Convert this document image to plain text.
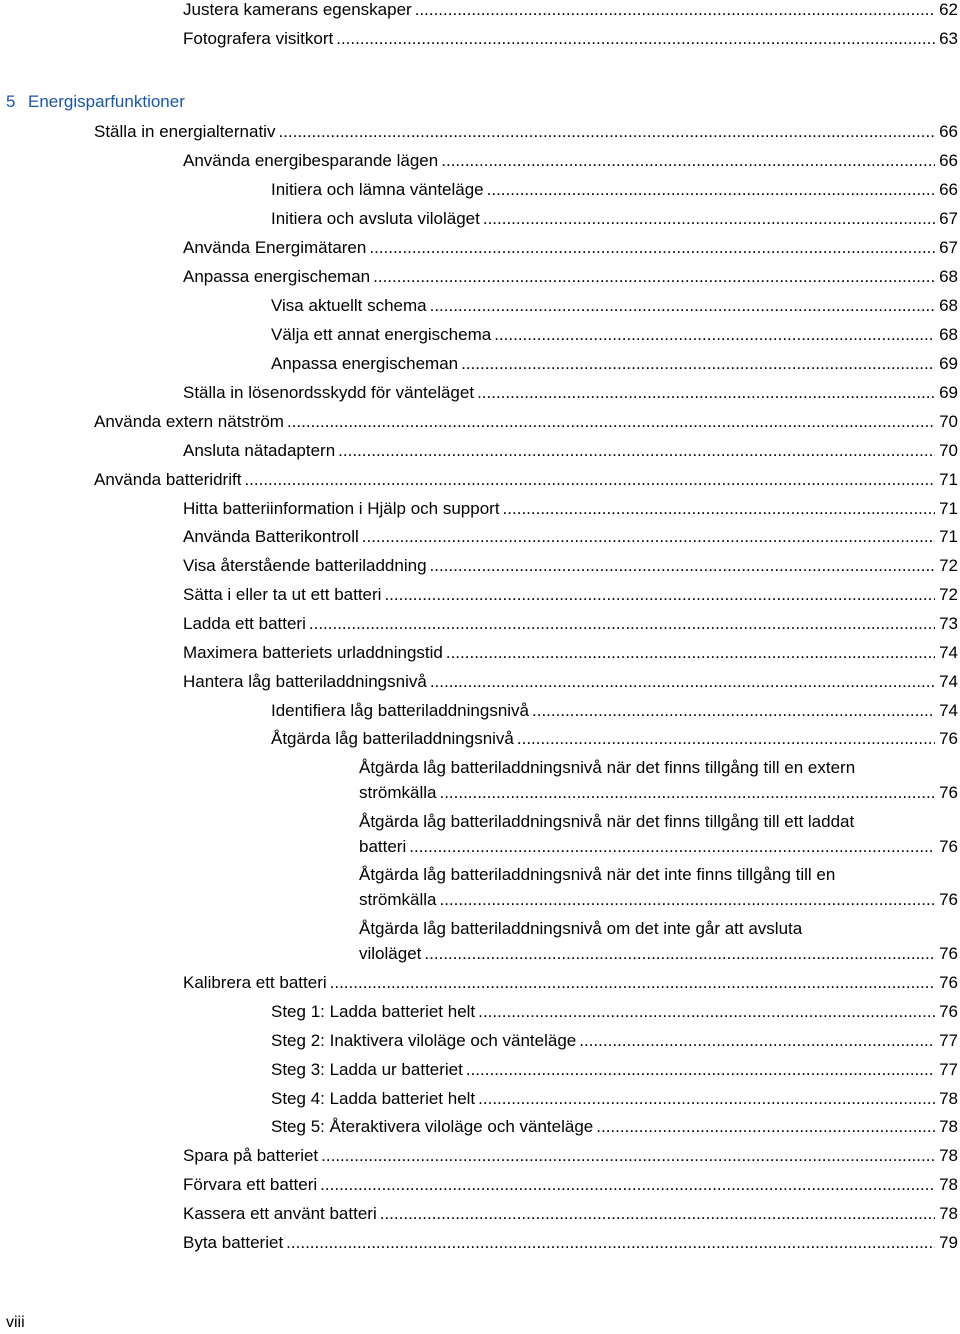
Justera kamerans egenskaper .....	62
Fotografera visitkort .....	63
Ställa in energialternativ .....	66
Använda energibesparande lägen .....	66
Initiera och lämna vänteläge .....	66
Initiera och avsluta viloläget .....	67
Använda Energimätaren .....	67
Anpassa energischeman .....	68
Visa aktuellt schema .....	68
Välja ett annat energischema .....	68
Anpassa energischeman .....	69
Ställa in lösenordsskydd för vänteläget .....	69
Använda extern nätström .....	70
Ansluta nätadaptern .....	70
Använda batteridrift .....	71
Hitta batteriinformation i Hjälp och support .....	71
Använda Batterikontroll .....	71
Visa återstående batteriladdning .....	72
Sätta i eller ta ut ett batteri .....	72
Ladda ett batteri .....	73
Maximera batteriets urladdningstid .....	74
Hantera låg batteriladdningsnivå .....	74
Identifiera låg batteriladdningsnivå .....	74
Åtgärda låg batteriladdningsnivå .....	76
Åtgärda låg batteriladdningsnivå när det finns tillgång till en extern
strömkälla .....	76
Åtgärda låg batteriladdningsnivå när det finns tillgång till ett laddat
batteri .....	76
Åtgärda låg batteriladdningsnivå när det inte finns tillgång till en
strömkälla .....	76
Åtgärda låg batteriladdningsnivå om det inte går att avsluta
viloläget .....	76
Kalibrera ett batteri .....	76
Steg 1: Ladda batteriet helt .....	76
Steg 2: Inaktivera viloläge och vänteläge .....	77
Steg 3: Ladda ur batteriet .....	77
Steg 4: Ladda batteriet helt .....	78
Steg 5: Återaktivera viloläge och vänteläge .....	78
Spara på batteriet .....	78
Förvara ett batteri .....	78
Kassera ett använt batteri .....	78
Byta batteriet .....	79
5 Energisparfunktioner
viii
